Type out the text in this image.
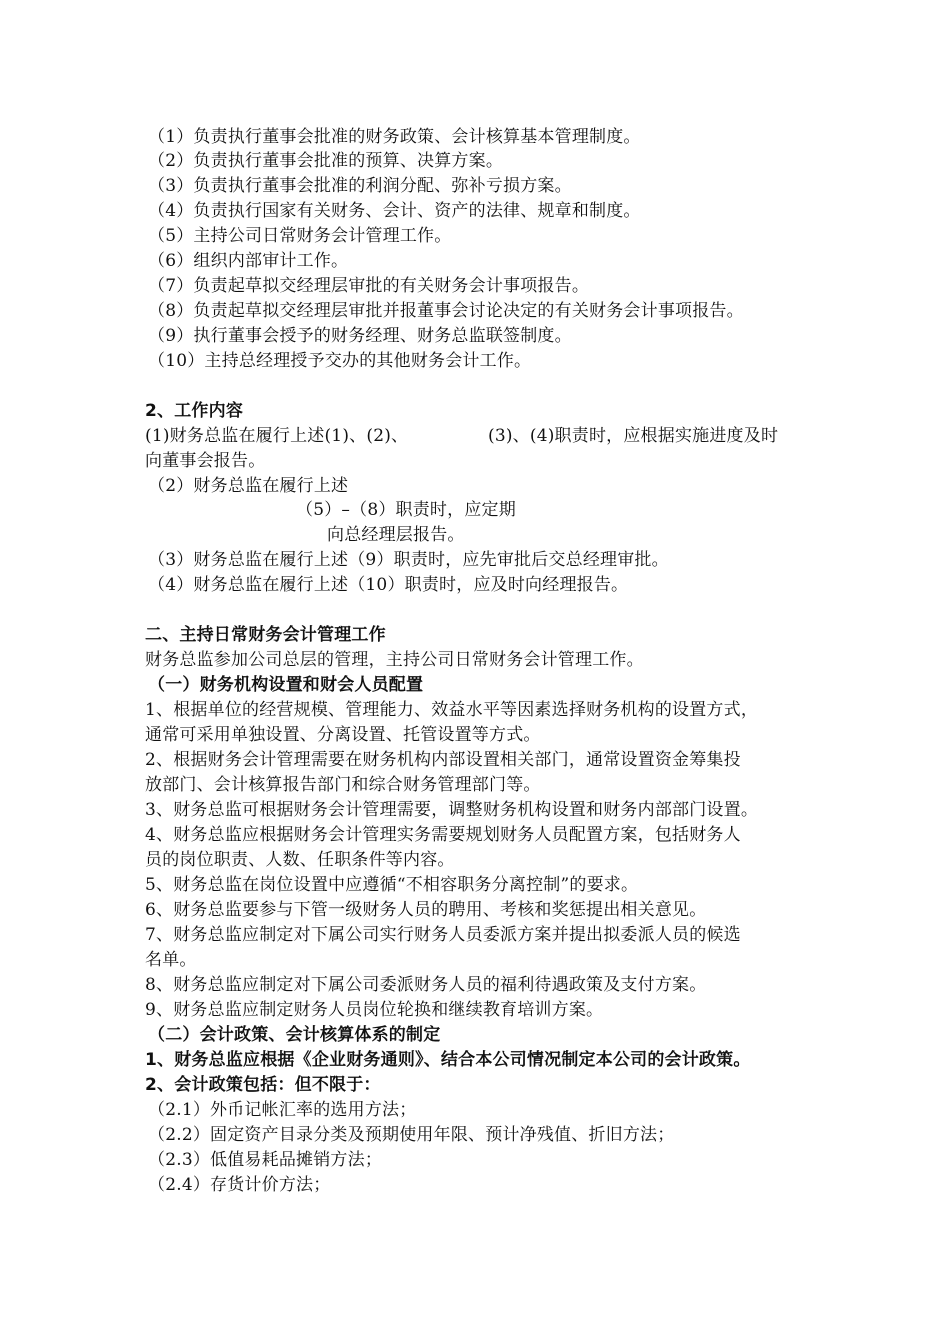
（1）负责执行董事会批准的财务政策、会计核算基本管理制度。
（2）负责执行董事会批准的预算、决算方案。
（3）负责执行董事会批准的利润分配、弥补亏损方案。
（4）负责执行国家有关财务、会计、资产的法律、规章和制度。
（5）主持公司日常财务会计管理工作。
（6）组织内部审计工作。
（7）负责起草拟交经理层审批的有关财务会计事项报告。
（8）负责起草拟交经理层审批并报董事会讨论决定的有关财务会计事项报告。
（9）执行董事会授予的财务经理、财务总监联签制度。
（10）主持总经理授予交办的其他财务会计工作。
2、工作内容
(1)财务总监在履行上述(1)、(2)、	(3)、(4)职责时，应根据实施进度及时
向董事会报告。
（2）财务总监在履行上述
（5）–（8）职责时，应定期
向总经理层报告。
（3）财务总监在履行上述（9）职责时，应先审批后交总经理审批。
（4）财务总监在履行上述（10）职责时，应及时向经理报告。
二、主持日常财务会计管理工作
财务总监参加公司总层的管理，主持公司日常财务会计管理工作。
（一）财务机构设置和财会人员配置
1、根据单位的经营规模、管理能力、效益水平等因素选择财务机构的设置方式，
通常可采用单独设置、分离设置、托管设置等方式。
2、根据财务会计管理需要在财务机构内部设置相关部门，通常设置资金筹集投
放部门、会计核算报告部门和综合财务管理部门等。
3、财务总监可根据财务会计管理需要，调整财务机构设置和财务内部部门设置。
4、财务总监应根据财务会计管理实务需要规划财务人员配置方案，包括财务人
员的岗位职责、人数、任职条件等内容。
5、财务总监在岗位设置中应遵循“不相容职务分离控制”的要求。
6、财务总监要参与下管一级财务人员的聘用、考核和奖惩提出相关意见。
7、财务总监应制定对下属公司实行财务人员委派方案并提出拟委派人员的候选
名单。
8、财务总监应制定对下属公司委派财务人员的福利待遇政策及支付方案。
9、财务总监应制定财务人员岗位轮换和继续教育培训方案。
（二）会计政策、会计核算体系的制定
1、财务总监应根据《企业财务通则》、结合本公司情况制定本公司的会计政策。
2、会计政策包括：但不限于：
（2.1）外币记帐汇率的选用方法；
（2.2）固定资产目录分类及预期使用年限、预计净残值、折旧方法；
（2.3）低值易耗品摊销方法；
（2.4）存货计价方法；
